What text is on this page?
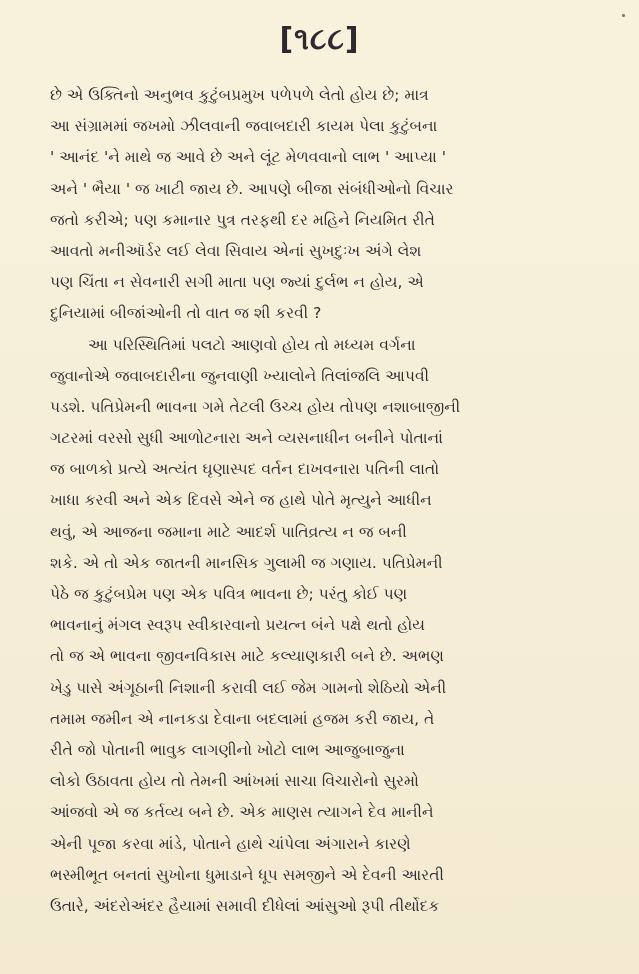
[૧૮૮]
છે એ ઉક્તિનો અનુભવ કુટુંબપ્રમુખ પળેપળે લેતો હોય છે; માત્ર
આ સંગ્રામમાં જખમો ઝીલવાની જવાબદારી કાયમ પેલા કુટુંબના
' આનંદ 'ને માથે જ આવે છે અને લૂંટ મેળવવાનો લાભ ' આપ્યા '
અને ' ભૈયા ' જ ખાટી જાય છે. આપણે બીજા સંબંધીઓનો વિચાર
જતો કરીએ; પણ કમાનાર પુત્ર તરફથી દર મહિને નિયમિત રીતે
આવતો મનીઑર્ડર લઈ લેવા સિવાય એનાં સુખદુઃખ અંગે લેશ
પણ ચિંતા ન સેવનારી સગી માતા પણ જ્યાં દુર્લભ ન હોય, એ
દુનિયામાં બીજાંઓની તો વાત જ શી કરવી ?
આ પરિસ્થિતિમાં પલટો આણવો હોય તો મધ્યમ વર્ગના
જુવાનોએ જવાબદારીના જુનવાણી ખ્યાલોને તિલાંજલિ આપવી
પડશે. પતિપ્રેમની ભાવના ગમે તેટલી ઉચ્ચ હોય તોપણ નશાબાજીની
ગટરમાં વરસો સુધી આળોટનારા અને વ્યસનાધીન બનીને પોતાનાં
જ બાળકો પ્રત્યે અત્યંત ઘૃણાસ્પદ વર્તન દાખવનારા પતિની લાતો
ખાધા કરવી અને એક દિવસે એને જ હાથે પોતે મૃત્યુને આધીન
થવું, એ આજના જમાના માટે આદર્શ પાતિવ્રત્ય ન જ બની
શકે. એ તો એક જાતની માનસિક ગુલામી જ ગણાય. પતિપ્રેમની
પેઠે જ કુટુંબપ્રેમ પણ એક પવિત્ર ભાવના છે; પરંતુ કોઈ પણ
ભાવનાનું મંગલ સ્વરૂપ સ્વીકારવાનો પ્રયત્ન બંને પક્ષે થતો હોય
તો જ એ ભાવના જીવનવિકાસ માટે કલ્યાણકારી બને છે. અભણ
ખેડુ પાસે અંગૂઠાની નિશાની કરાવી લઈ જેમ ગામનો શેઠિયો એની
તમામ જમીન એ નાનકડા દેવાના બદલામાં હજમ કરી જાય, તે
રીતે જો પોતાની ભાવુક લાગણીનો ખોટો લાભ આજુબાજુના
લોકો ઉઠાવતા હોય તો તેમની આંખમાં સાચા વિચારોનો સુરમો
આંજવો એ જ કર્તવ્ય બને છે. એક માણસ ત્યાગને દેવ માનીને
એની પૂજા કરવા માંડે, પોતાને હાથે ચાંપેલા અંગારાને કારણે
ભસ્મીભૂત બનતાં સુખોના ધુમાડાને ધૂપ સમજીને એ દેવની આરતી
ઉતારે, અંદરોઅંદર હૈયામાં સમાવી દીધેલાં આંસુઓ રૂપી તીર્થોદક
